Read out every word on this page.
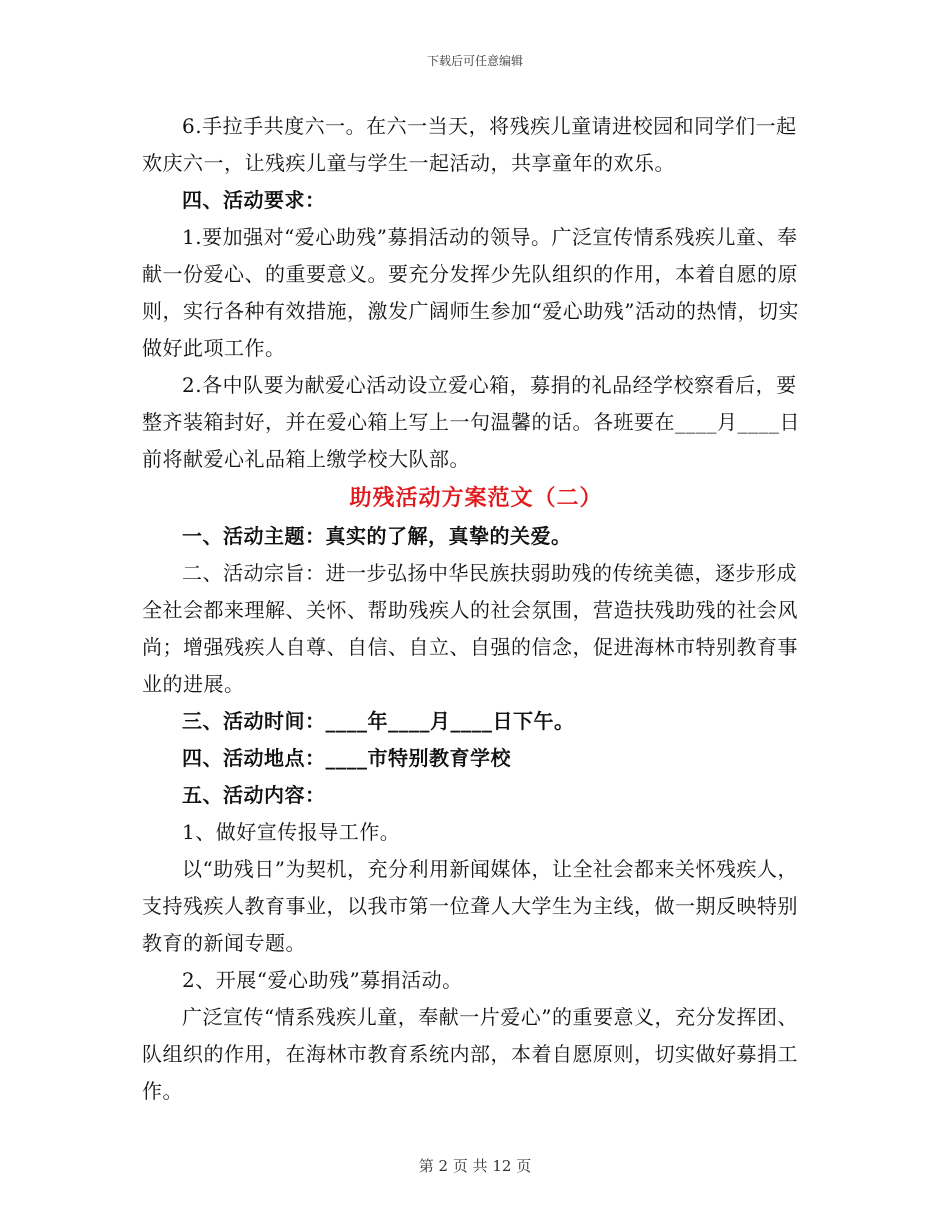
下载后可任意编辑

6.手拉手共度六一。在六一当天，将残疾儿童请进校园和同学们一起欢庆六一，让残疾儿童与学生一起活动，共享童年的欢乐。

四、活动要求：

1.要加强对“爱心助残”募捐活动的领导。广泛宣传情系残疾儿童、奉献一份爱心、的重要意义。要充分发挥少先队组织的作用，本着自愿的原则，实行各种有效措施，激发广阔师生参加“爱心助残”活动的热情，切实做好此项工作。

2.各中队要为献爱心活动设立爱心箱，募捐的礼品经学校察看后，要整齐装箱封好，并在爱心箱上写上一句温馨的话。各班要在____月____日前将献爱心礼品箱上缴学校大队部。

助残活动方案范文（二）

一、活动主题：真实的了解，真挚的关爱。

二、活动宗旨：进一步弘扬中华民族扶弱助残的传统美德，逐步形成全社会都来理解、关怀、帮助残疾人的社会氛围，营造扶残助残的社会风尚；增强残疾人自尊、自信、自立、自强的信念，促进海林市特别教育事业的进展。

三、活动时间：____年____月____日下午。

四、活动地点：____市特别教育学校

五、活动内容：

1、做好宣传报导工作。

以“助残日”为契机，充分利用新闻媒体，让全社会都来关怀残疾人，支持残疾人教育事业，以我市第一位聋人大学生为主线，做一期反映特别教育的新闻专题。

2、开展“爱心助残”募捐活动。

广泛宣传“情系残疾儿童，奉献一片爱心”的重要意义，充分发挥团、队组织的作用，在海林市教育系统内部，本着自愿原则，切实做好募捐工作。

第 2 页 共 12 页
